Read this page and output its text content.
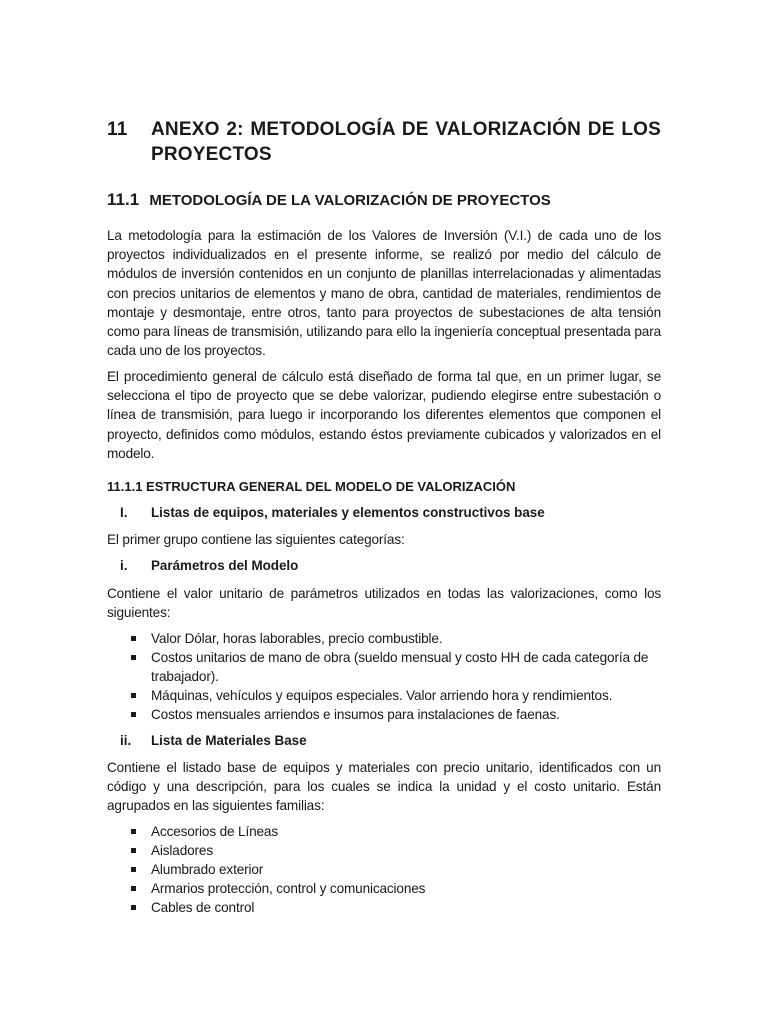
11 ANEXO 2: METODOLOGÍA DE VALORIZACIÓN DE LOS PROYECTOS
11.1 METODOLOGÍA DE LA VALORIZACIÓN DE PROYECTOS
La metodología para la estimación de los Valores de Inversión (V.I.) de cada uno de los proyectos individualizados en el presente informe, se realizó por medio del cálculo de módulos de inversión contenidos en un conjunto de planillas interrelacionadas y alimentadas con precios unitarios de elementos y mano de obra, cantidad de materiales, rendimientos de montaje y desmontaje, entre otros, tanto para proyectos de subestaciones de alta tensión como para líneas de transmisión, utilizando para ello la ingeniería conceptual presentada para cada uno de los proyectos.
El procedimiento general de cálculo está diseñado de forma tal que, en un primer lugar, se selecciona el tipo de proyecto que se debe valorizar, pudiendo elegirse entre subestación o línea de transmisión, para luego ir incorporando los diferentes elementos que componen el proyecto, definidos como módulos, estando éstos previamente cubicados y valorizados en el modelo.
11.1.1 ESTRUCTURA GENERAL DEL MODELO DE VALORIZACIÓN
I. Listas de equipos, materiales y elementos constructivos base
El primer grupo contiene las siguientes categorías:
i. Parámetros del Modelo
Contiene el valor unitario de parámetros utilizados en todas las valorizaciones, como los siguientes:
Valor Dólar, horas laborables, precio combustible.
Costos unitarios de mano de obra (sueldo mensual y costo HH de cada categoría de trabajador).
Máquinas, vehículos y equipos especiales. Valor arriendo hora y rendimientos.
Costos mensuales arriendos e insumos para instalaciones de faenas.
ii. Lista de Materiales Base
Contiene el listado base de equipos y materiales con precio unitario, identificados con un código y una descripción, para los cuales se indica la unidad y el costo unitario. Están agrupados en las siguientes familias:
Accesorios de Líneas
Aisladores
Alumbrado exterior
Armarios protección, control y comunicaciones
Cables de control
